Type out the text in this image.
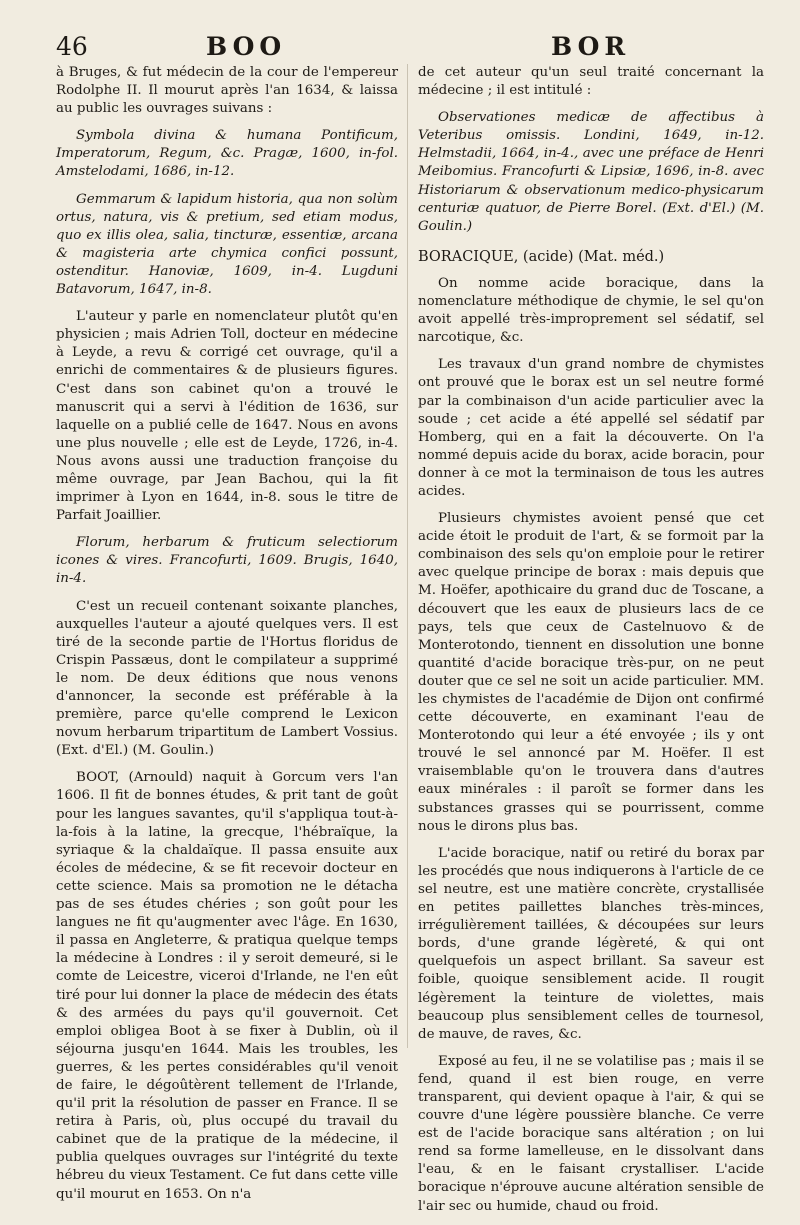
46	BOO	BOR

à Bruges, & fut médecin de la cour de l'empereur Rodolphe II. Il mourut après l'an 1634, & laissa au public les ouvrages suivans :

Symbola divina & humana Pontificum, Imperatorum, Regum, &c. Pragæ, 1600, in-fol. Amstelodami, 1686, in-12.

Gemmarum & lapidum historia, qua non solùm ortus, natura, vis & pretium, sed etiam modus, quo ex illis olea, salia, tincturæ, essentiæ, arcana & magisteria arte chymica confici possunt, ostenditur. Hanoviæ, 1609, in-4. Lugduni Batavorum, 1647, in-8.

L'auteur y parle en nomenclateur plutôt qu'en physicien ; mais Adrien Toll, docteur en médecine à Leyde, a revu & corrigé cet ouvrage, qu'il a enrichi de commentaires & de plusieurs figures. C'est dans son cabinet qu'on a trouvé le manuscrit qui a servi à l'édition de 1636, sur laquelle on a publié celle de 1647. Nous en avons une plus nouvelle ; elle est de Leyde, 1726, in-4. Nous avons aussi une traduction françoise du même ouvrage, par Jean Bachou, qui la fit imprimer à Lyon en 1644, in-8. sous le titre de Parfait Joaillier.

Florum, herbarum & fruticum selectiorum icones & vires. Francofurti, 1609. Brugis, 1640, in-4.

C'est un recueil contenant soixante planches, auxquelles l'auteur a ajouté quelques vers. Il est tiré de la seconde partie de l'Hortus floridus de Crispin Passæus, dont le compilateur a supprimé le nom. De deux éditions que nous venons d'annoncer, la seconde est préférable à la première, parce qu'elle comprend le Lexicon novum herbarum tripartitum de Lambert Vossius. (Ext. d'El.) (M. Goulin.)

BOOT, (Arnould) naquit à Gorcum vers l'an 1606. Il fit de bonnes études, & prit tant de goût pour les langues savantes, qu'il s'appliqua tout-à-la-fois à la latine, la grecque, l'hébraïque, la syriaque & la chaldaïque. Il passa ensuite aux écoles de médecine, & se fit recevoir docteur en cette science. Mais sa promotion ne le détacha pas de ses études chéries ; son goût pour les langues ne fit qu'augmenter avec l'âge. En 1630, il passa en Angleterre, & pratiqua quelque temps la médecine à Londres : il y seroit demeuré, si le comte de Leicestre, viceroi d'Irlande, ne l'en eût tiré pour lui donner la place de médecin des états & des armées du pays qu'il gouvernoit. Cet emploi obligea Boot à se fixer à Dublin, où il séjourna jusqu'en 1644. Mais les troubles, les guerres, & les pertes considérables qu'il venoit de faire, le dégoûtèrent tellement de l'Irlande, qu'il prit la résolution de passer en France. Il se retira à Paris, où, plus occupé du travail du cabinet que de la pratique de la médecine, il publia quelques ouvrages sur l'intégrité du texte hébreu du vieux Testament. Ce fut dans cette ville qu'il mourut en 1653. On n'a

de cet auteur qu'un seul traité concernant la médecine ; il est intitulé :

Observationes medicæ de affectibus à Veteribus omissis. Londini, 1649, in-12. Helmstadii, 1664, in-4., avec une préface de Henri Meibomius. Francofurti & Lipsiæ, 1696, in-8. avec Historiarum & observationum medico-physicarum centuriæ quatuor, de Pierre Borel. (Ext. d'El.) (M. Goulin.)

BORACIQUE, (acide) (Mat. méd.)

On nomme acide boracique, dans la nomenclature méthodique de chymie, le sel qu'on avoit appellé très-improprement sel sédatif, sel narcotique, &c.

Les travaux d'un grand nombre de chymistes ont prouvé que le borax est un sel neutre formé par la combinaison d'un acide particulier avec la soude ; cet acide a été appellé sel sédatif par Homberg, qui en a fait la découverte. On l'a nommé depuis acide du borax, acide boracin, pour donner à ce mot la terminaison de tous les autres acides.

Plusieurs chymistes avoient pensé que cet acide étoit le produit de l'art, & se formoit par la combinaison des sels qu'on emploie pour le retirer avec quelque principe de borax : mais depuis que M. Hoëfer, apothicaire du grand duc de Toscane, a découvert que les eaux de plusieurs lacs de ce pays, tels que ceux de Castelnuovo & de Monterotondo, tiennent en dissolution une bonne quantité d'acide boracique très-pur, on ne peut douter que ce sel ne soit un acide particulier. MM. les chymistes de l'académie de Dijon ont confirmé cette découverte, en examinant l'eau de Monterotondo qui leur a été envoyée ; ils y ont trouvé le sel annoncé par M. Hoëfer. Il est vraisemblable qu'on le trouvera dans d'autres eaux minérales : il paroît se former dans les substances grasses qui se pourrissent, comme nous le dirons plus bas.

L'acide boracique, natif ou retiré du borax par les procédés que nous indiquerons à l'article de ce sel neutre, est une matière concrète, crystallisée en petites paillettes blanches très-minces, irrégulièrement taillées, & découpées sur leurs bords, d'une grande légèreté, & qui ont quelquefois un aspect brillant. Sa saveur est foible, quoique sensiblement acide. Il rougit légèrement la teinture de violettes, mais beaucoup plus sensiblement celles de tournesol, de mauve, de raves, &c.

Exposé au feu, il ne se volatilise pas ; mais il se fend, quand il est bien rouge, en verre transparent, qui devient opaque à l'air, & qui se couvre d'une légère poussière blanche. Ce verre est de l'acide boracique sans altération ; on lui rend sa forme lamelleuse, en le dissolvant dans l'eau, & en le faisant crystalliser. L'acide boracique n'éprouve aucune altération sensible de l'air sec ou humide, chaud ou froid.
